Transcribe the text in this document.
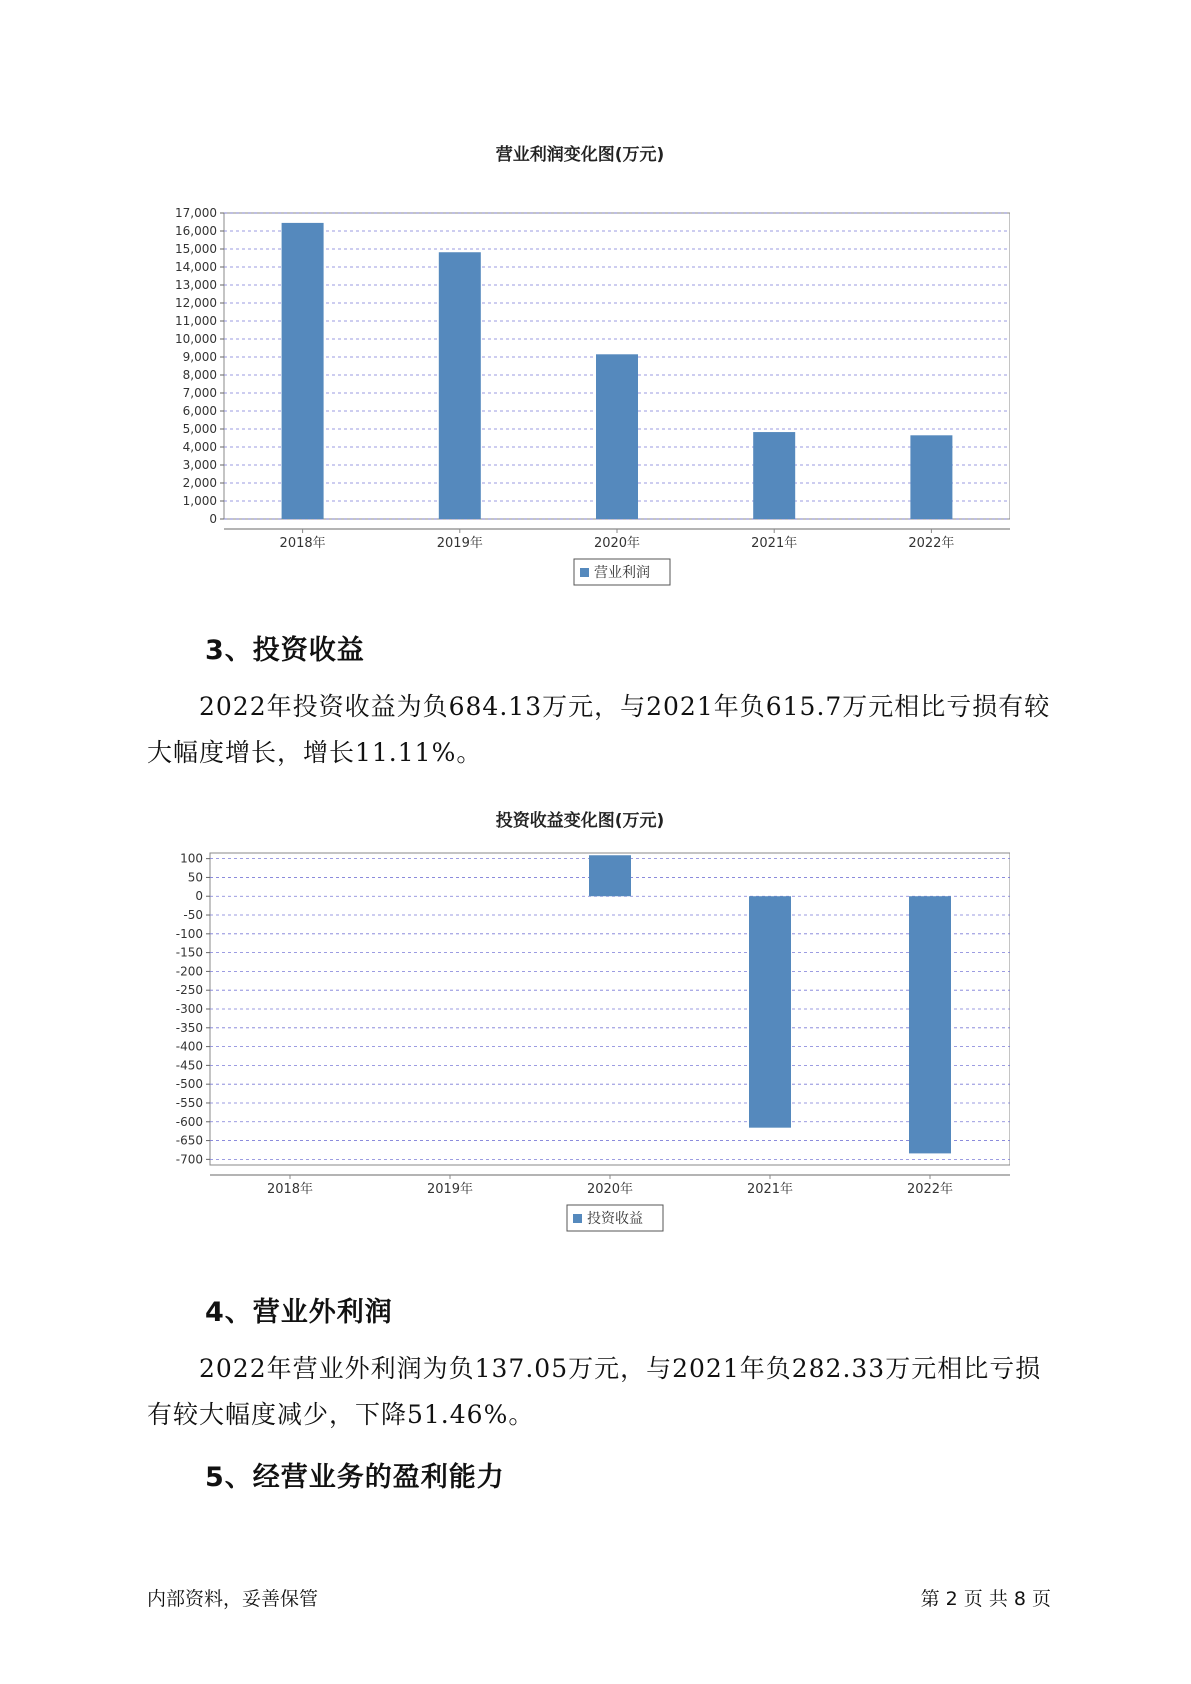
营业利润变化图(万元)

0
1,000
2,000
3,000
4,000
5,000
6,000
7,000
8,000
9,000
10,000
11,000
12,000
13,000
14,000
15,000
16,000
17,000
2018年	2019年	2020年	2021年	2022年
营业利润
3、投资收益

2022年投资收益为负684.13万元，与2021年负615.7万元相比亏损有较大幅度增长，增长11.11%。

投资收益变化图(万元)

100
50
0
-50
-100
-150
-200
-250
-300
-350
-400
-450
-500
-550
-600
-650
-700
2018年	2019年	2020年	2021年	2022年
投资收益
4、营业外利润

2022年营业外利润为负137.05万元，与2021年负282.33万元相比亏损有较大幅度减少，下降51.46%。

5、经营业务的盈利能力
内部资料，妥善保管	第 2 页 共 8 页
